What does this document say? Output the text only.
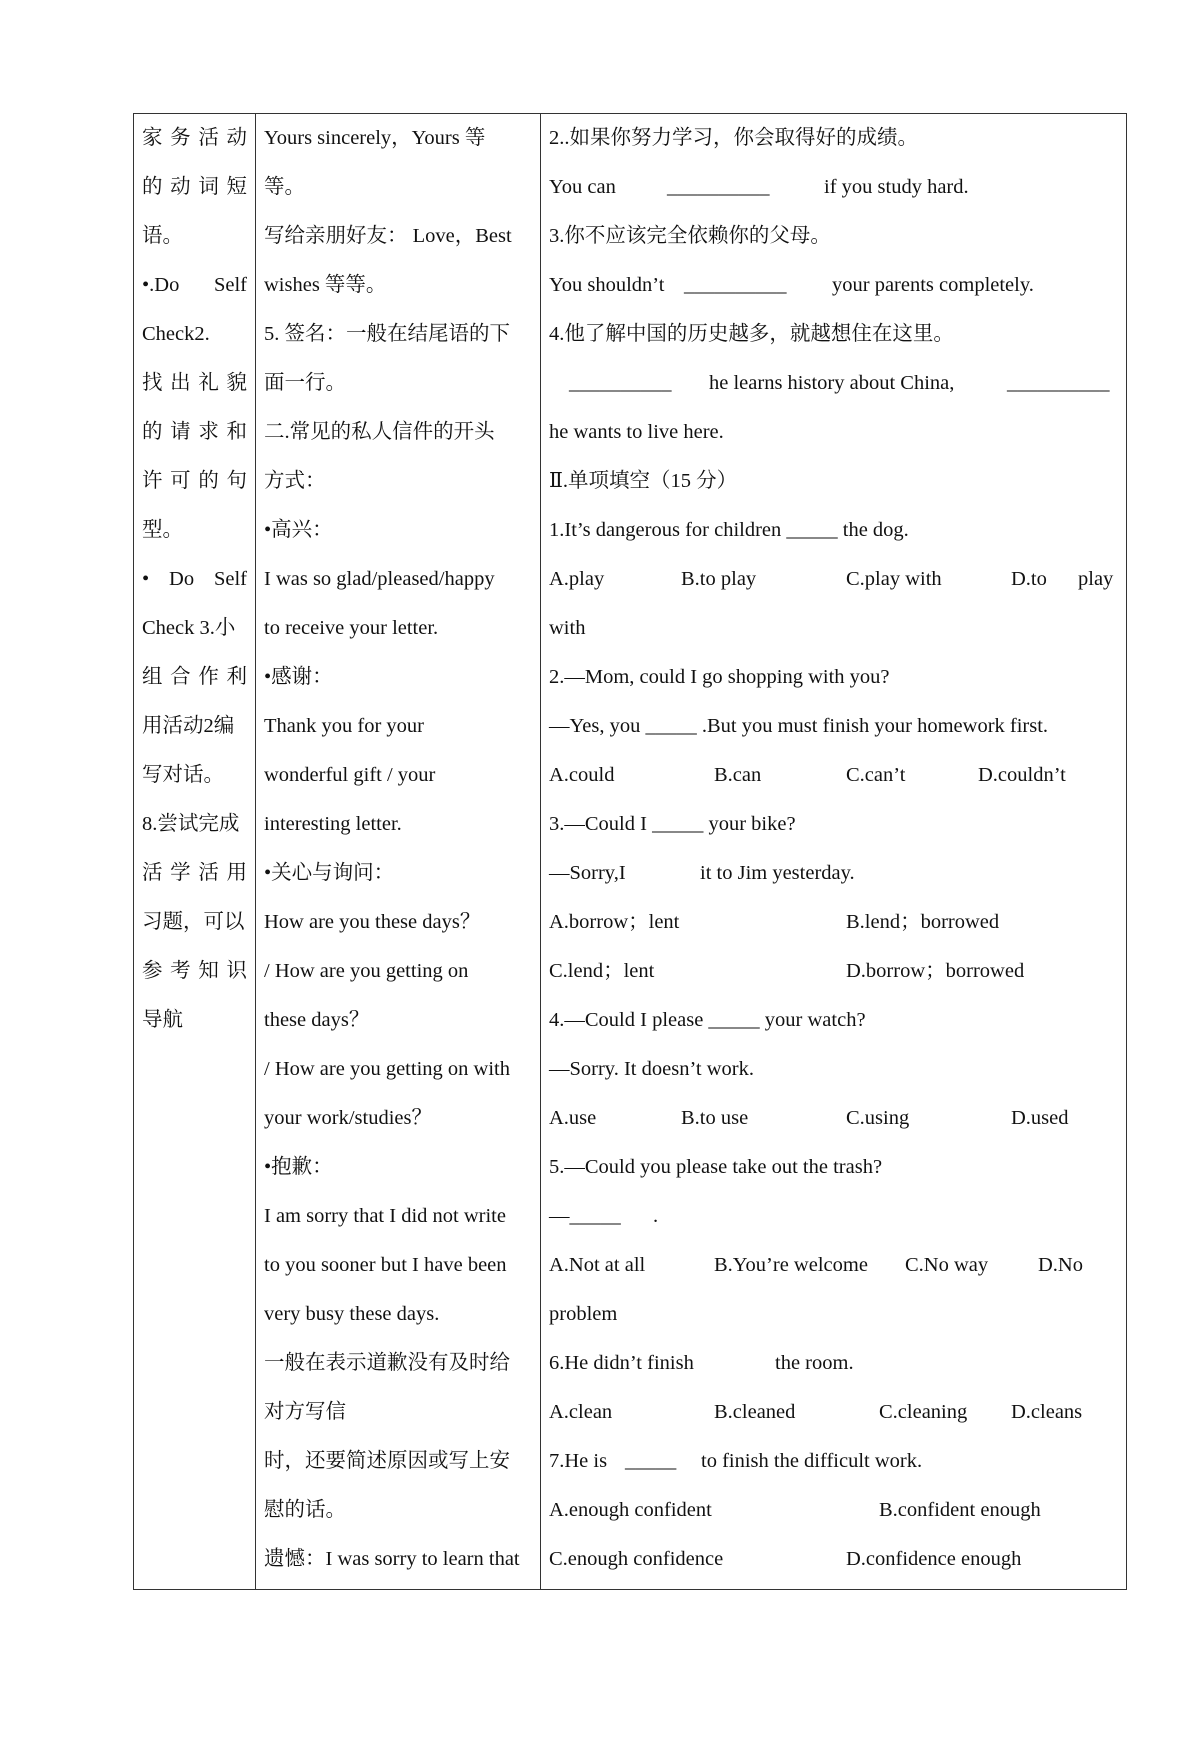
家务活动
的动词短
语。
•.Do Self
Check2.
找出礼貌
的请求和
许可的句
型。
• Do Self
Check 3.小
组合作利
用活动2编
写对话。
8.尝试完成
活学活用
习题，可以
参考知识
导航
Yours sincerely，Yours 等
等。
写给亲朋好友： Love，Best
wishes 等等。
5. 签名：一般在结尾语的下
面一行。
二.常见的私人信件的开头
方式：
•高兴：
I was so glad/pleased/happy
to receive your letter.
•感谢：
Thank you for your
wonderful gift / your
interesting letter.
•关心与询问：
How are you these days？
/ How are you getting on
these days？
/ How are you getting on with
your work/studies？
•抱歉：
I am sorry that I did not write
to you sooner but I have been
very busy these days.
一般在表示道歉没有及时给
对方写信
时，还要简述原因或写上安
慰的话。
遗憾：I was sorry to learn that
2..如果你努力学习，你会取得好的成绩。
You can __________	if you study hard.
3.你不应该完全依赖你的父母。
You shouldn’t __________ your parents completely.
4.他了解中国的历史越多，就越想住在这里。
__________ he learns history about China,	__________
he wants to live here.
Ⅱ.单项填空（15 分）
1.It’s dangerous for children _____ the dog.
A.play	B.to play	C.play with	D.to play
with
2.—Mom, could I go shopping with you?
—Yes, you _____ .But you must finish your homework first.
A.could	B.can	C.can’t	D.couldn’t
3.—Could I _____ your bike?
—Sorry,I	it to Jim yesterday.
A.borrow；lent	B.lend；borrowed
C.lend；lent	D.borrow；borrowed
4.—Could I please _____ your watch?
—Sorry. It doesn’t work.
A.use	B.to use	C.using	D.used
5.—Could you please take out the trash?
—_____ .
A.Not at all	B.You’re welcome C.No way D.No
problem
6.He didn’t finish	the room.
A.clean	B.cleaned	C.cleaning D.cleans
7.He is _____ to finish the difficult work.
A.enough confident	B.confident enough
C.enough confidence	D.confidence enough
